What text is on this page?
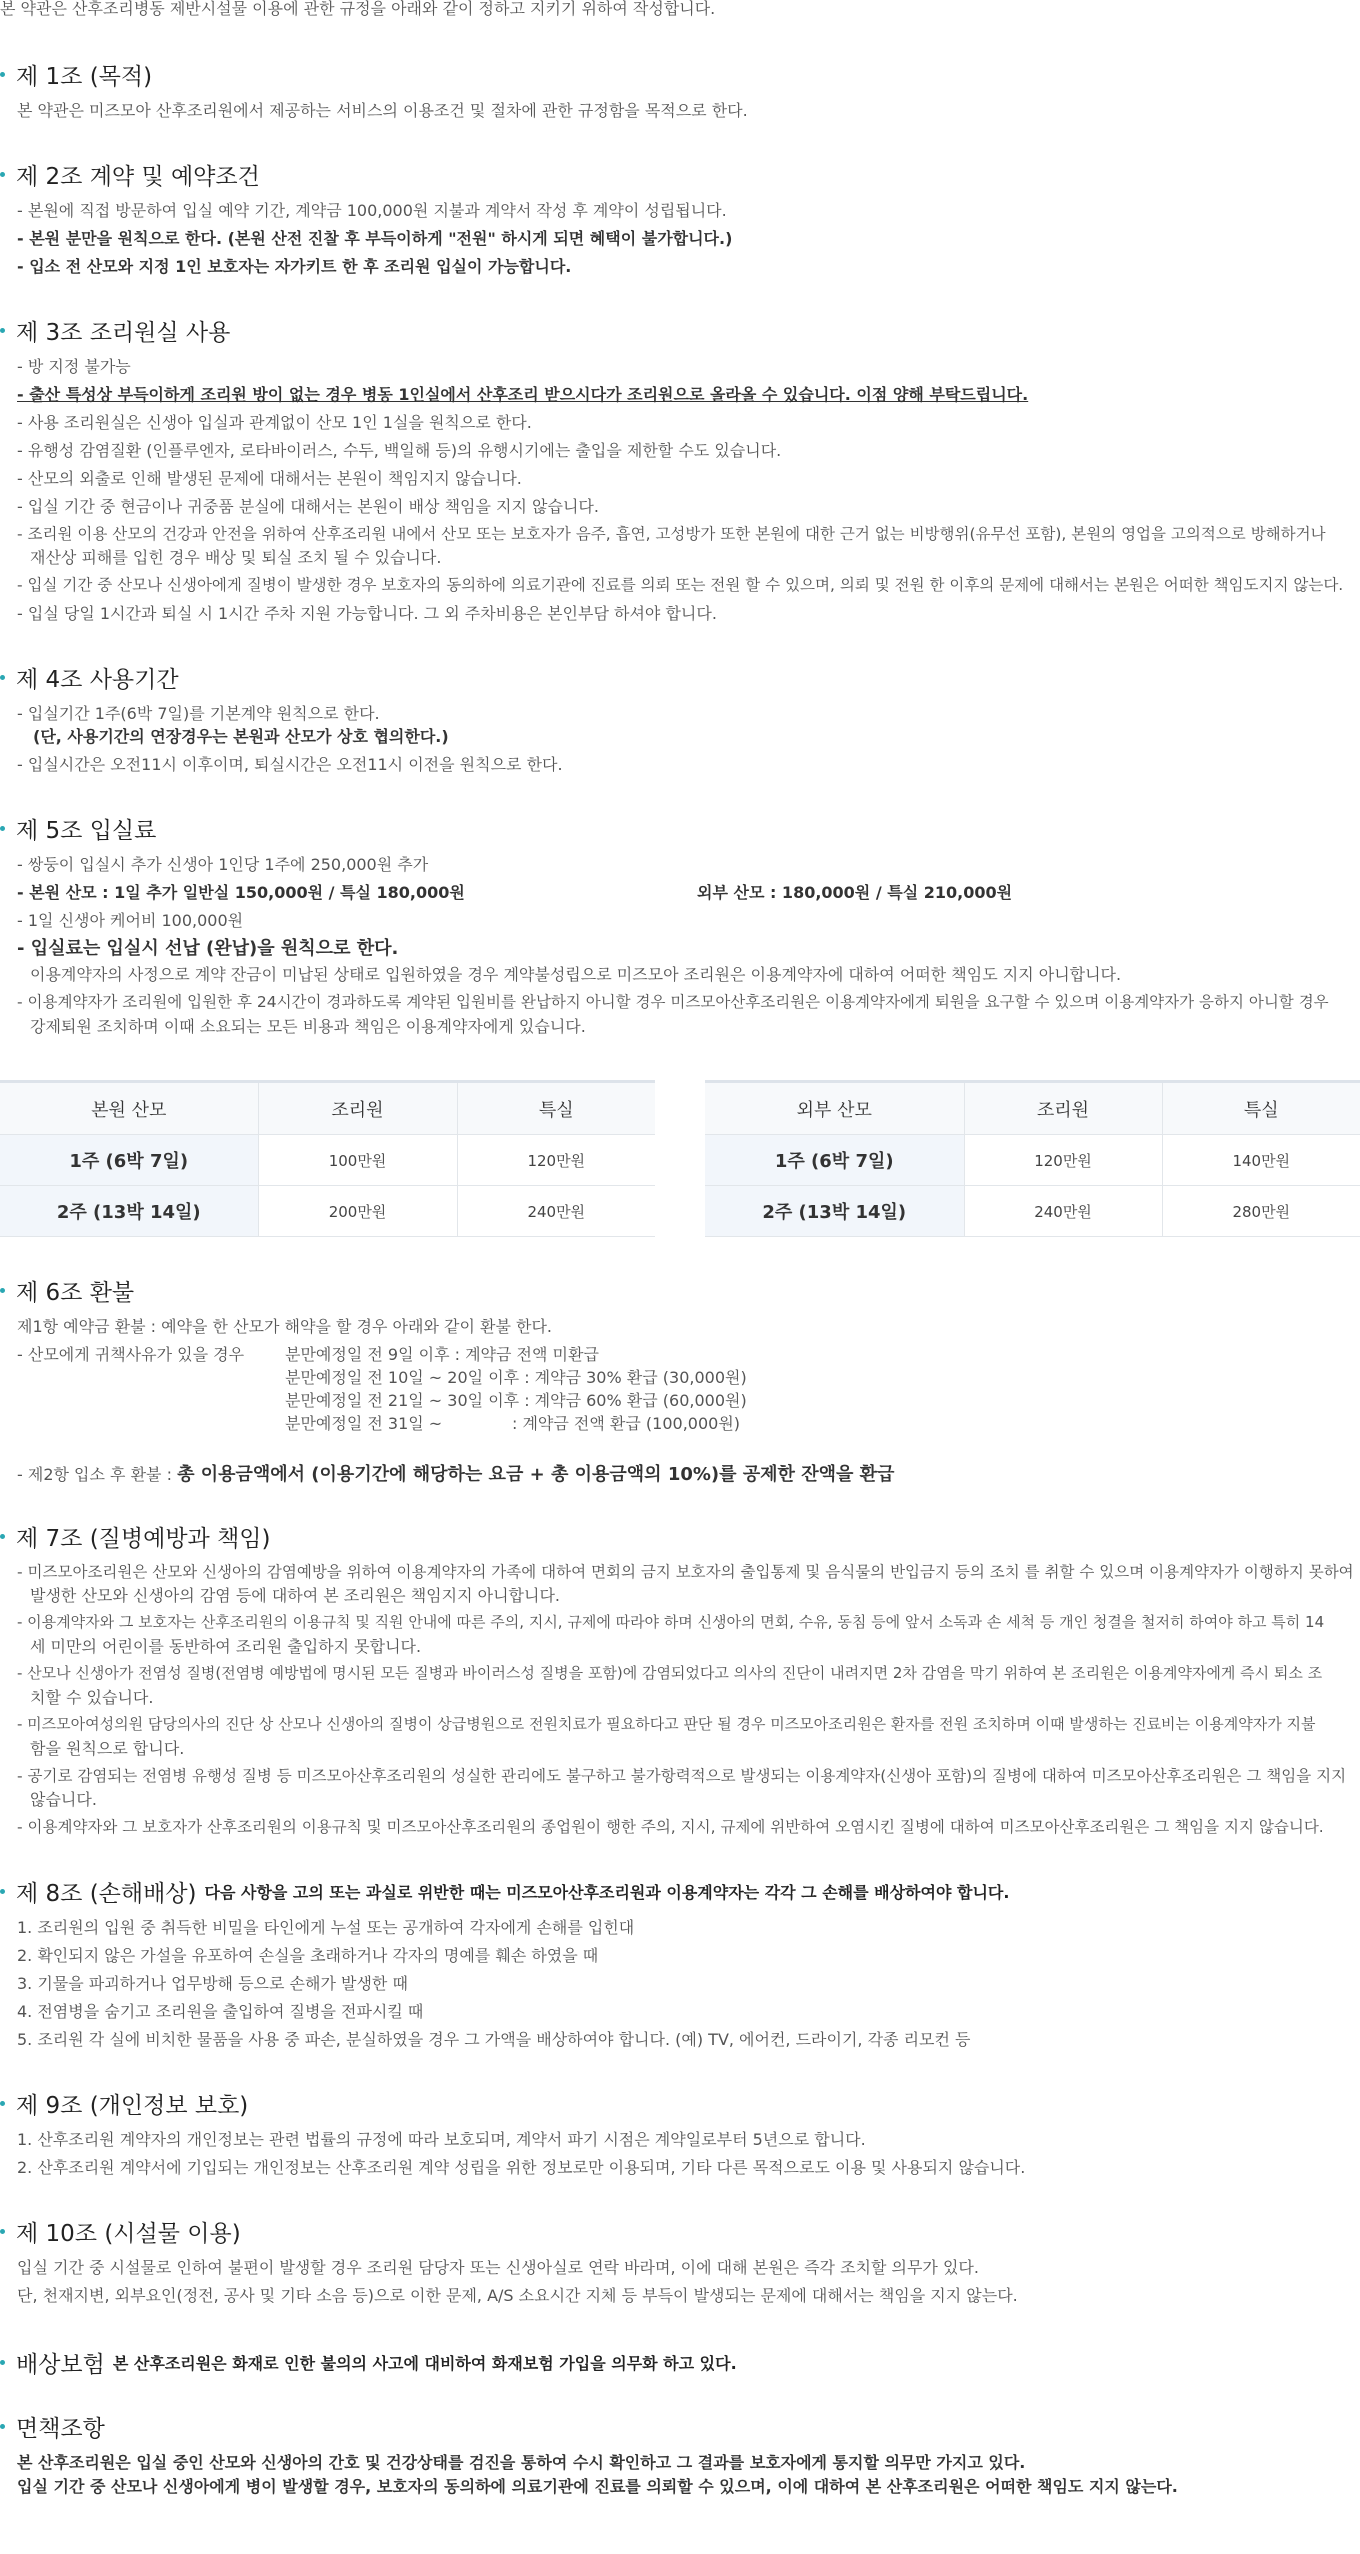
본 약관은 산후조리병동 제반시설물 이용에 관한 규정을 아래와 같이 정하고 지키기 위하여 작성합니다.
제 1조 (목적)
본 약관은 미즈모아 산후조리원에서 제공하는 서비스의 이용조건 및 절차에 관한 규정함을 목적으로 한다.
제 2조 계약 및 예약조건
- 본원에 직접 방문하여 입실 예약 기간, 계약금 100,000원 지불과 계약서 작성 후 계약이 성립됩니다.
- 본원 분만을 원칙으로 한다. (본원 산전 진찰 후 부득이하게 "전원" 하시게 되면 혜택이 불가합니다.)
- 입소 전 산모와 지정 1인 보호자는 자가키트 한 후 조리원 입실이 가능합니다.
제 3조 조리원실 사용
- 방 지정 불가능
- 출산 특성상 부득이하게 조리원 방이 없는 경우 병동 1인실에서 산후조리 받으시다가 조리원으로 올라올 수 있습니다. 이점 양해 부탁드립니다.
- 사용 조리원실은 신생아 입실과 관계없이 산모 1인 1실을 원칙으로 한다.
- 유행성 감염질환 (인플루엔자, 로타바이러스, 수두, 백일해 등)의 유행시기에는 출입을 제한할 수도 있습니다.
- 산모의 외출로 인해 발생된 문제에 대해서는 본원이 책임지지 않습니다.
- 입실 기간 중 현금이나 귀중품 분실에 대해서는 본원이 배상 책임을 지지 않습니다.
- 조리원 이용 산모의 건강과 안전을 위하여 산후조리원 내에서 산모 또는 보호자가 음주, 흡연, 고성방가 또한 본원에 대한 근거 없는 비방행위(유무선 포함), 본원의 영업을 고의적으로 방해하거나
재산상 피해를 입힌 경우 배상 및 퇴실 조치 될 수 있습니다.
- 입실 기간 중 산모나 신생아에게 질병이 발생한 경우 보호자의 동의하에 의료기관에 진료를 의뢰 또는 전원 할 수 있으며, 의뢰 및 전원 한 이후의 문제에 대해서는 본원은 어떠한 책임도지지 않는다.
- 입실 당일 1시간과 퇴실 시 1시간 주차 지원 가능합니다. 그 외 주차비용은 본인부담 하셔야 합니다.
제 4조 사용기간
- 입실기간 1주(6박 7일)를 기본계약 원칙으로 한다.
(단, 사용기간의 연장경우는 본원과 산모가 상호 협의한다.)
- 입실시간은 오전11시 이후이며, 퇴실시간은 오전11시 이전을 원칙으로 한다.
제 5조 입실료
- 쌍둥이 입실시 추가 신생아 1인당 1주에 250,000원 추가
- 본원 산모 : 1일 추가 일반실 150,000원 / 특실 180,000원	외부 산모 : 180,000원 / 특실 210,000원
- 1일 신생아 케어비 100,000원
- 입실료는 입실시 선납 (완납)을 원칙으로 한다.
이용계약자의 사정으로 계약 잔금이 미납된 상태로 입원하였을 경우 계약불성립으로 미즈모아 조리원은 이용계약자에 대하여 어떠한 책임도 지지 아니합니다.
- 이용계약자가 조리원에 입원한 후 24시간이 경과하도록 계약된 입원비를 완납하지 아니할 경우 미즈모아산후조리원은 이용계약자에게 퇴원을 요구할 수 있으며 이용계약자가 응하지 아니할 경우
강제퇴원 조치하며 이때 소요되는 모든 비용과 책임은 이용계약자에게 있습니다.
본원 산모	조리원	특실
1주 (6박 7일)	100만원	120만원
2주 (13박 14일)	200만원	240만원
외부 산모	조리원	특실
1주 (6박 7일)	120만원	140만원
2주 (13박 14일)	240만원	280만원
제 6조 환불
제1항 예약금 환불 : 예약을 한 산모가 해약을 할 경우 아래와 같이 환불 한다.
- 산모에게 귀책사유가 있을 경우	분만예정일 전 9일 이후 : 계약금 전액 미환급
분만예정일 전 10일 ~ 20일 이후 : 계약금 30% 환급 (30,000원)
분만예정일 전 21일 ~ 30일 이후 : 계약금 60% 환급 (60,000원)
분만예정일 전 31일 ~	: 계약금 전액 환급 (100,000원)
- 제2항 입소 후 환불 : 총 이용금액에서 (이용기간에 해당하는 요금 + 총 이용금액의 10%)를 공제한 잔액을 환급
제 7조 (질병예방과 책임)
- 미즈모아조리원은 산모와 신생아의 감염예방을 위하여 이용계약자의 가족에 대하여 면회의 금지 보호자의 출입통제 및 음식물의 반입금지 등의 조치 를 취할 수 있으며 이용계약자가 이행하지 못하여
발생한 산모와 신생아의 감염 등에 대하여 본 조리원은 책임지지 아니합니다.
- 이용계약자와 그 보호자는 산후조리원의 이용규칙 및 직원 안내에 따른 주의, 지시, 규제에 따라야 하며 신생아의 면회, 수유, 동침 등에 앞서 소독과 손 세척 등 개인 청결을 철저히 하여야 하고 특히 14
세 미만의 어린이를 동반하여 조리원 출입하지 못합니다.
- 산모나 신생아가 전염성 질병(전염병 예방법에 명시된 모든 질병과 바이러스성 질병을 포함)에 감염되었다고 의사의 진단이 내려지면 2차 감염을 막기 위하여 본 조리원은 이용계약자에게 즉시 퇴소 조
치할 수 있습니다.
- 미즈모아여성의원 담당의사의 진단 상 산모나 신생아의 질병이 상급병원으로 전원치료가 필요하다고 판단 될 경우 미즈모아조리원은 환자를 전원 조치하며 이때 발생하는 진료비는 이용계약자가 지불
함을 원칙으로 합니다.
- 공기로 감염되는 전염병 유행성 질병 등 미즈모아산후조리원의 성실한 관리에도 불구하고 불가항력적으로 발생되는 이용계약자(신생아 포함)의 질병에 대하여 미즈모아산후조리원은 그 책임을 지지
않습니다.
- 이용계약자와 그 보호자가 산후조리원의 이용규칙 및 미즈모아산후조리원의 종업원이 행한 주의, 지시, 규제에 위반하여 오염시킨 질병에 대하여 미즈모아산후조리원은 그 책임을 지지 않습니다.
제 8조 (손해배상) 다음 사항을 고의 또는 과실로 위반한 때는 미즈모아산후조리원과 이용계약자는 각각 그 손해를 배상하여야 합니다.
1. 조리원의 입원 중 취득한 비밀을 타인에게 누설 또는 공개하여 각자에게 손해를 입힌대
2. 확인되지 않은 가설을 유포하여 손실을 초래하거나 각자의 명예를 훼손 하였을 때
3. 기물을 파괴하거나 업무방해 등으로 손해가 발생한 때
4. 전염병을 숨기고 조리원을 출입하여 질병을 전파시킬 때
5. 조리원 각 실에 비치한 물품을 사용 중 파손, 분실하였을 경우 그 가액을 배상하여야 합니다. (예) TV, 에어컨, 드라이기, 각종 리모컨 등
제 9조 (개인정보 보호)
1. 산후조리원 계약자의 개인정보는 관련 법률의 규정에 따라 보호되며, 계약서 파기 시점은 계약일로부터 5년으로 합니다.
2. 산후조리원 계약서에 기입되는 개인정보는 산후조리원 계약 성립을 위한 정보로만 이용되며, 기타 다른 목적으로도 이용 및 사용되지 않습니다.
제 10조 (시설물 이용)
입실 기간 중 시설물로 인하여 불편이 발생할 경우 조리원 담당자 또는 신생아실로 연락 바라며, 이에 대해 본원은 즉각 조치할 의무가 있다.
단, 천재지변, 외부요인(정전, 공사 및 기타 소음 등)으로 이한 문제, A/S 소요시간 지체 등 부득이 발생되는 문제에 대해서는 책임을 지지 않는다.
배상보험 본 산후조리원은 화재로 인한 불의의 사고에 대비하여 화재보험 가입을 의무화 하고 있다.
면책조항
본 산후조리원은 입실 중인 산모와 신생아의 간호 및 건강상태를 검진을 통하여 수시 확인하고 그 결과를 보호자에게 통지할 의무만 가지고 있다.
입실 기간 중 산모나 신생아에게 병이 발생할 경우, 보호자의 동의하에 의료기관에 진료를 의뢰할 수 있으며, 이에 대하여 본 산후조리원은 어떠한 책임도 지지 않는다.
